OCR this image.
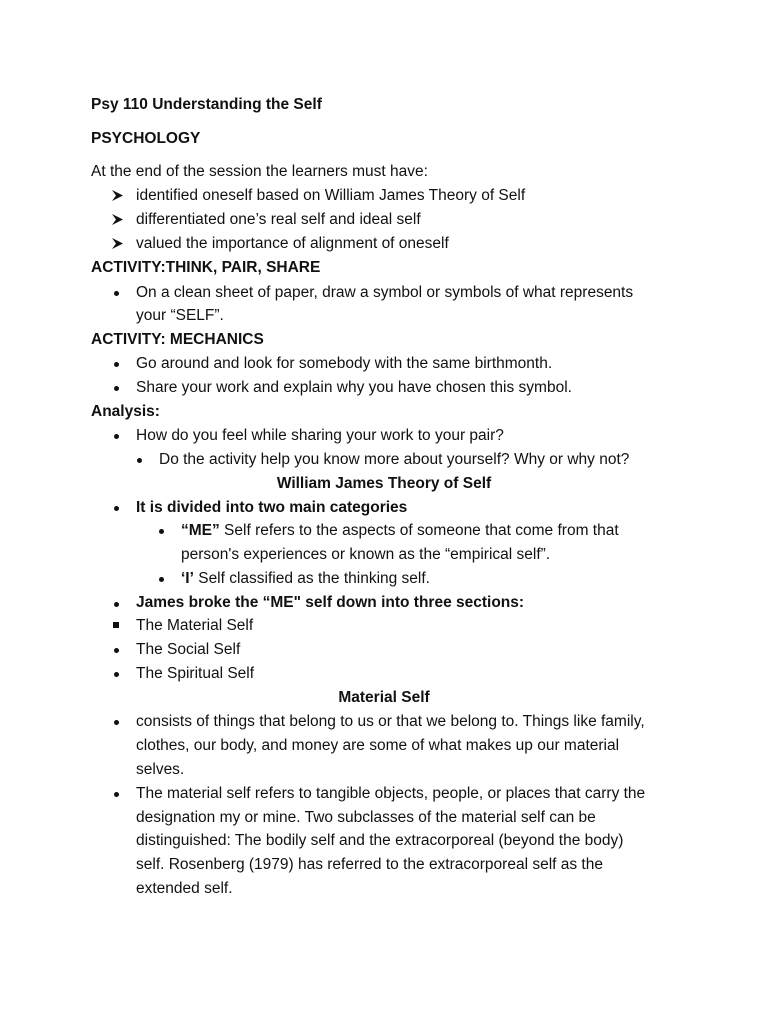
Psy 110 Understanding the Self
PSYCHOLOGY
At the end of the session the learners must have:
identified oneself based on William James Theory of Self
differentiated one’s real self and ideal self
valued the importance of alignment of oneself
ACTIVITY:THINK, PAIR, SHARE
On a clean sheet of paper, draw a symbol or symbols of what represents
your “SELF”.
ACTIVITY: MECHANICS
Go around and look for somebody with the same birthmonth.
Share your work and explain why you have chosen this symbol.
Analysis:
How do you feel while sharing your work to your pair?
Do the activity help you know more about yourself? Why or why not?
William James Theory of Self
It is divided into two main categories
“ME” Self refers to the aspects of someone that come from that
person's experiences or known as the “empirical self”.
‘I’ Self classified as the thinking self.
James broke the “ME" self down into three sections:
The Material Self
The Social Self
The Spiritual Self
Material Self
consists of things that belong to us or that we belong to. Things like family,
clothes, our body, and money are some of what makes up our material
selves.
The material self refers to tangible objects, people, or places that carry the
designation my or mine. Two subclasses of the material self can be
distinguished: The bodily self and the extracorporeal (beyond the body)
self. Rosenberg (1979) has referred to the extracorporeal self as the
extended self.
